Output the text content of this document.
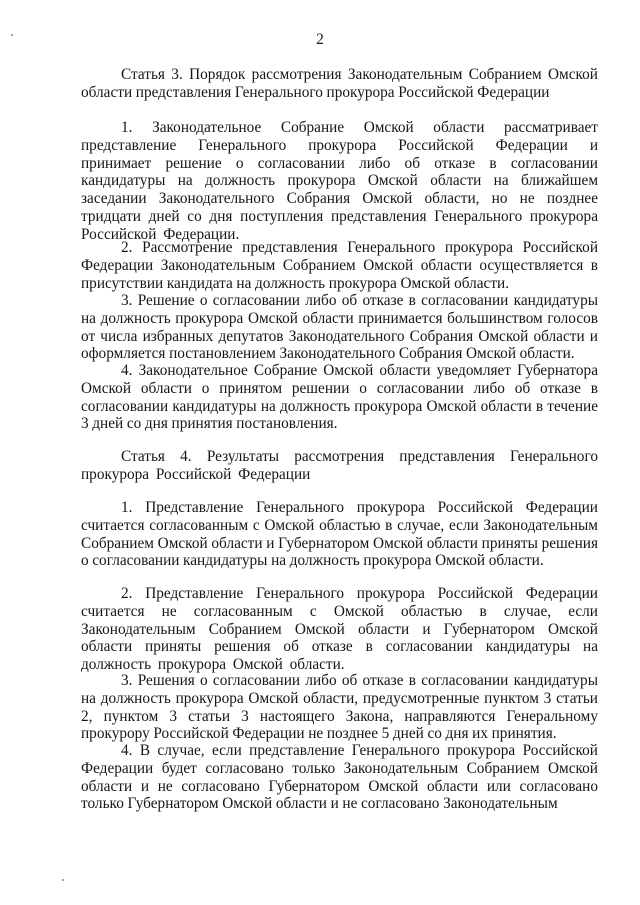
2

Статья 3. Порядок рассмотрения Законодательным Собранием Омской области представления Генерального прокурора Российской Федерации

1. Законодательное Собрание Омской области рассматривает представление Генерального прокурора Российской Федерации и принимает решение о согласовании либо об отказе в согласовании кандидатуры на должность прокурора Омской области на ближайшем заседании Законодательного Собрания Омской области, но не позднее тридцати дней со дня поступления представления Генерального прокурора Российской Федерации.

2. Рассмотрение представления Генерального прокурора Российской Федерации Законодательным Собранием Омской области осуществляется в присутствии кандидата на должность прокурора Омской области.

3. Решение о согласовании либо об отказе в согласовании кандидатуры на должность прокурора Омской области принимается большинством голосов от числа избранных депутатов Законодательного Собрания Омской области и оформляется постановлением Законодательного Собрания Омской области.

4. Законодательное Собрание Омской области уведомляет Губернатора Омской области о принятом решении о согласовании либо об отказе в согласовании кандидатуры на должность прокурора Омской области в течение 3 дней со дня принятия постановления.

Статья 4. Результаты рассмотрения представления Генерального прокурора Российской Федерации

1. Представление Генерального прокурора Российской Федерации считается согласованным с Омской областью в случае, если Законодательным Собранием Омской области и Губернатором Омской области приняты решения о согласовании кандидатуры на должность прокурора Омской области.

2. Представление Генерального прокурора Российской Федерации считается не согласованным с Омской областью в случае, если Законодательным Собранием Омской области и Губернатором Омской области приняты решения об отказе в согласовании кандидатуры на должность прокурора Омской области.

3. Решения о согласовании либо об отказе в согласовании кандидатуры на должность прокурора Омской области, предусмотренные пунктом 3 статьи 2, пунктом 3 статьи 3 настоящего Закона, направляются Генеральному прокурору Российской Федерации не позднее 5 дней со дня их принятия.

4. В случае, если представление Генерального прокурора Российской Федерации будет согласовано только Законодательным Собранием Омской области и не согласовано Губернатором Омской области или согласовано только Губернатором Омской области и не согласовано Законодательным
